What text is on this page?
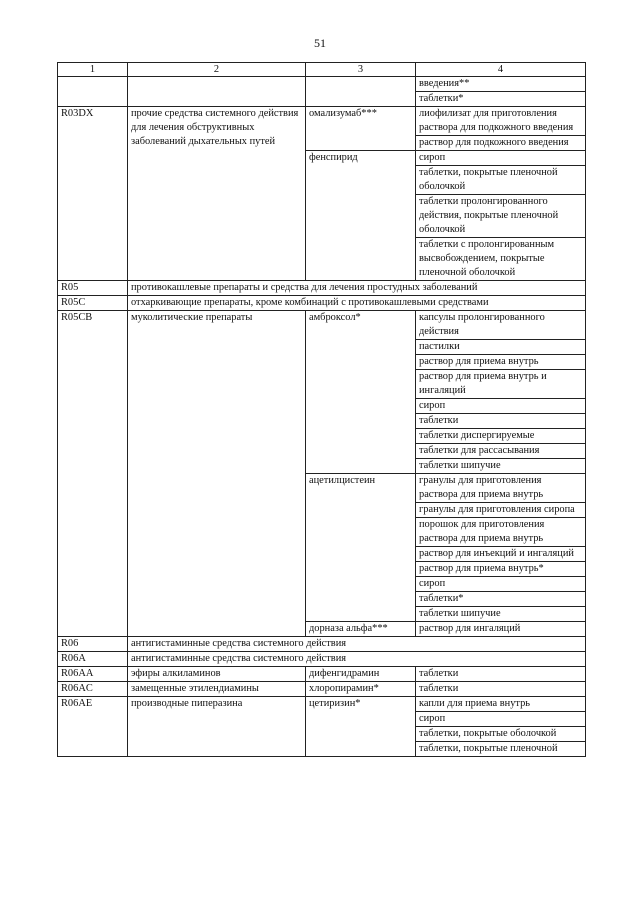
51
1	2	3	4
			введения**
			таблетки*
R03DX	прочие средства системного действия для лечения обструктивных заболеваний дыхательных путей	омализумаб***	лиофилизат для приготовления раствора для подкожного введения
			раствор для подкожного введения
		фенспирид	сироп
			таблетки, покрытые пленочной оболочкой
			таблетки пролонгированного действия, покрытые пленочной оболочкой
			таблетки с пролонгированным высвобождением, покрытые пленочной оболочкой
R05	противокашлевые препараты и средства для лечения простудных заболеваний		
R05C	отхаркивающие препараты, кроме комбинаций с противокашлевыми средствами		
R05CB	муколитические препараты	амброксол*	капсулы пролонгированного действия
			пастилки
			раствор для приема внутрь
			раствор для приема внутрь и ингаляций
			сироп
			таблетки
			таблетки диспергируемые
			таблетки для рассасывания
			таблетки шипучие
		ацетилцистеин	гранулы для приготовления раствора для приема внутрь
			гранулы для приготовления сиропа
			порошок для приготовления раствора для приема внутрь
			раствор для инъекций и ингаляций
			раствор для приема внутрь*
			сироп
			таблетки*
			таблетки шипучие
		дорназа альфа***	раствор для ингаляций
R06	антигистаминные средства системного действия		
R06A	антигистаминные средства системного действия		
R06AA	эфиры алкиламинов	дифенгидрамин	таблетки
R06AC	замещенные этилендиамины	хлоропирамин*	таблетки
R06AE	производные пиперазина	цетиризин*	капли для приема внутрь
			сироп
			таблетки, покрытые оболочкой
			таблетки, покрытые пленочной
